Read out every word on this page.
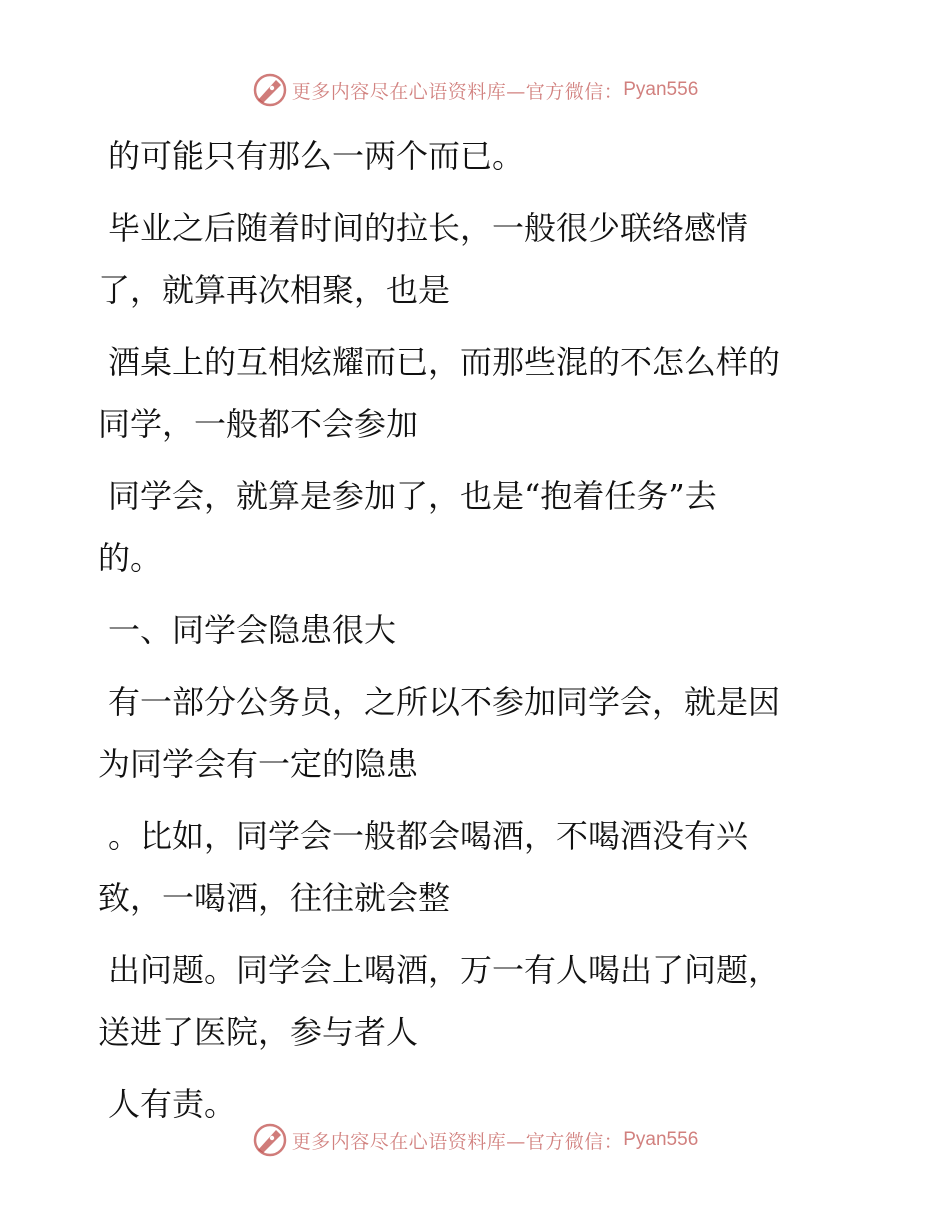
更多内容尽在心语资料库—官方微信： Pyan556
的可能只有那么一两个而已。
毕业之后随着时间的拉长，一般很少联络感情
了，就算再次相聚，也是
酒桌上的互相炫耀而已，而那些混的不怎么样的
同学，一般都不会参加
同学会，就算是参加了，也是“抱着任务”去
的。
一、同学会隐患很大
有一部分公务员，之所以不参加同学会，就是因
为同学会有一定的隐患
。比如，同学会一般都会喝酒，不喝酒没有兴
致，一喝酒，往往就会整
出问题。同学会上喝酒，万一有人喝出了问题，
送进了医院，参与者人
人有责。
更多内容尽在心语资料库—官方微信： Pyan556
